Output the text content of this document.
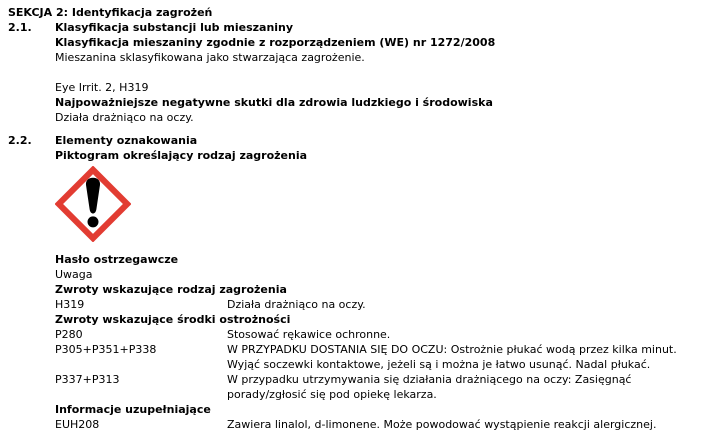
SEKCJA 2: Identyfikacja zagrożeń
2.1.	Klasyfikacja substancji lub mieszaniny
Klasyfikacja mieszaniny zgodnie z rozporządzeniem (WE) nr 1272/2008
Mieszanina sklasyfikowana jako stwarzająca zagrożenie.
Eye Irrit. 2, H319
Najpoważniejsze negatywne skutki dla zdrowia ludzkiego i środowiska
Działa drażniąco na oczy.
2.2.	Elementy oznakowania
Piktogram określający rodzaj zagrożenia
Hasło ostrzegawcze
Uwaga
Zwroty wskazujące rodzaj zagrożenia
H319	Działa drażniąco na oczy.
Zwroty wskazujące środki ostrożności
P280	Stosować rękawice ochronne.
P305+P351+P338	W PRZYPADKU DOSTANIA SIĘ DO OCZU: Ostrożnie płukać wodą przez kilka minut. Wyjąć soczewki kontaktowe, jeżeli są i można je łatwo usunąć. Nadal płukać.
P337+P313	W przypadku utrzymywania się działania drażniącego na oczy: Zasięgnąć porady/zgłosić się pod opiekę lekarza.
Informacje uzupełniające
EUH208	Zawiera linalol, d-limonene. Może powodować wystąpienie reakcji alergicznej.
